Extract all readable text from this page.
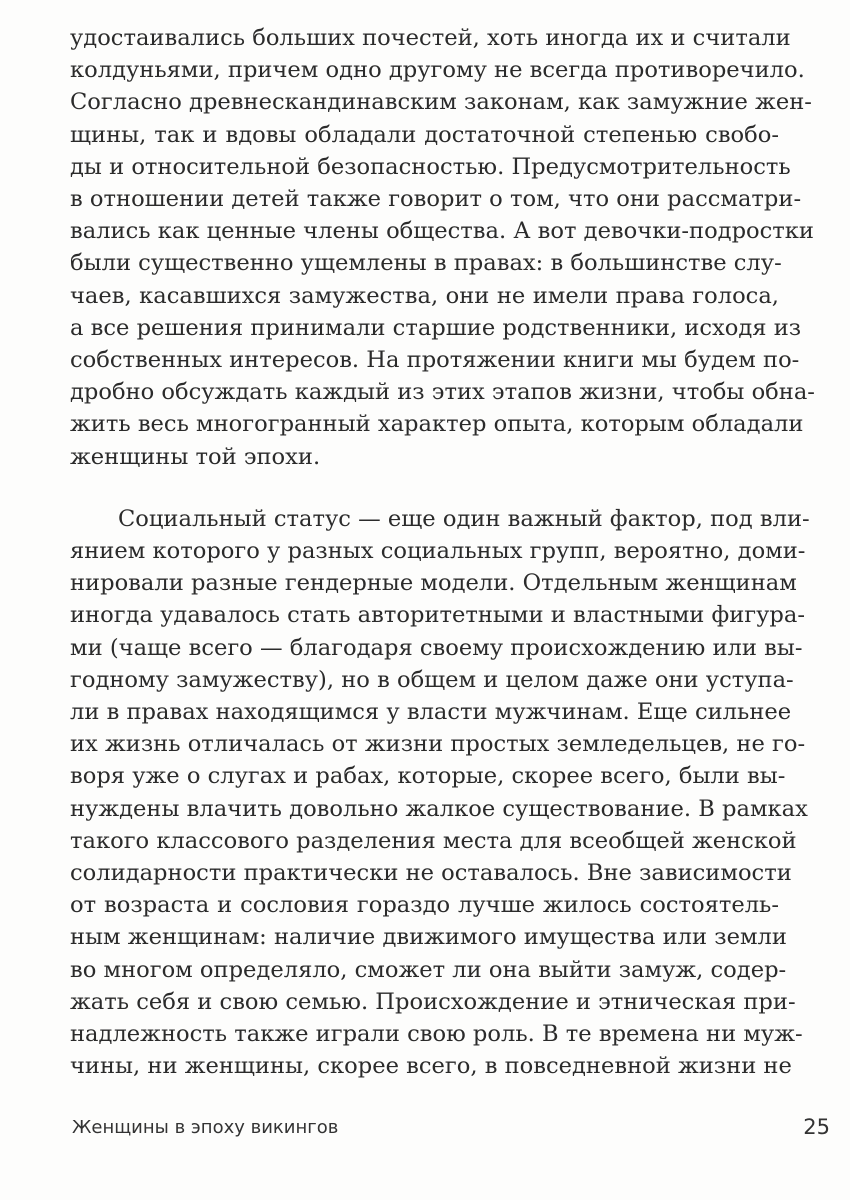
удостаивались больших почестей, хоть иногда их и считали

колдуньями, причем одно другому не всегда противоречило.

Согласно древнескандинавским законам, как замужние жен-

щины, так и вдовы обладали достаточной степенью свобо-

ды и относительной безопасностью. Предусмотрительность

в отношении детей также говорит о том, что они рассматри-

вались как ценные члены общества. А вот девочки-подростки

были существенно ущемлены в правах: в большинстве слу-

чаев, касавшихся замужества, они не имели права голоса,

а все решения принимали старшие родственники, исходя из

собственных интересов. На протяжении книги мы будем по-

дробно обсуждать каждый из этих этапов жизни, чтобы обна-

жить весь многогранный характер опыта, которым обладали

женщины той эпохи.

Социальный статус — еще один важный фактор, под вли-

янием которого у разных социальных групп, вероятно, доми-

нировали разные гендерные модели. Отдельным женщинам

иногда удавалось стать авторитетными и властными фигура-

ми (чаще всего — благодаря своему происхождению или вы-

годному замужеству), но в общем и целом даже они уступа-

ли в правах находящимся у власти мужчинам. Еще сильнее

их жизнь отличалась от жизни простых земледельцев, не го-

воря уже о слугах и рабах, которые, скорее всего, были вы-

нуждены влачить довольно жалкое существование. В рамках

такого классового разделения места для всеобщей женской

солидарности практически не оставалось. Вне зависимости

от возраста и сословия гораздо лучше жилось состоятель-

ным женщинам: наличие движимого имущества или земли

во многом определяло, сможет ли она выйти замуж, содер-

жать себя и свою семью. Происхождение и этническая при-

надлежность также играли свою роль. В те времена ни муж-

чины, ни женщины, скорее всего, в повседневной жизни не

Женщины в эпоху викингов	25
